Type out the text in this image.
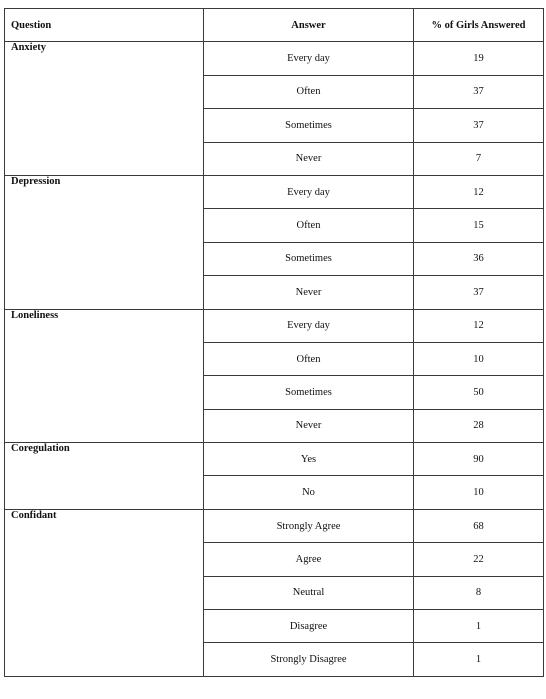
Question	Answer	% of Girls Answered
Anxiety	Every day	19
	Often	37
	Sometimes	37
	Never	7
Depression	Every day	12
	Often	15
	Sometimes	36
	Never	37
Loneliness	Every day	12
	Often	10
	Sometimes	50
	Never	28
Coregulation	Yes	90
	No	10
Confidant	Strongly Agree	68
	Agree	22
	Neutral	8
	Disagree	1
	Strongly Disagree	1
